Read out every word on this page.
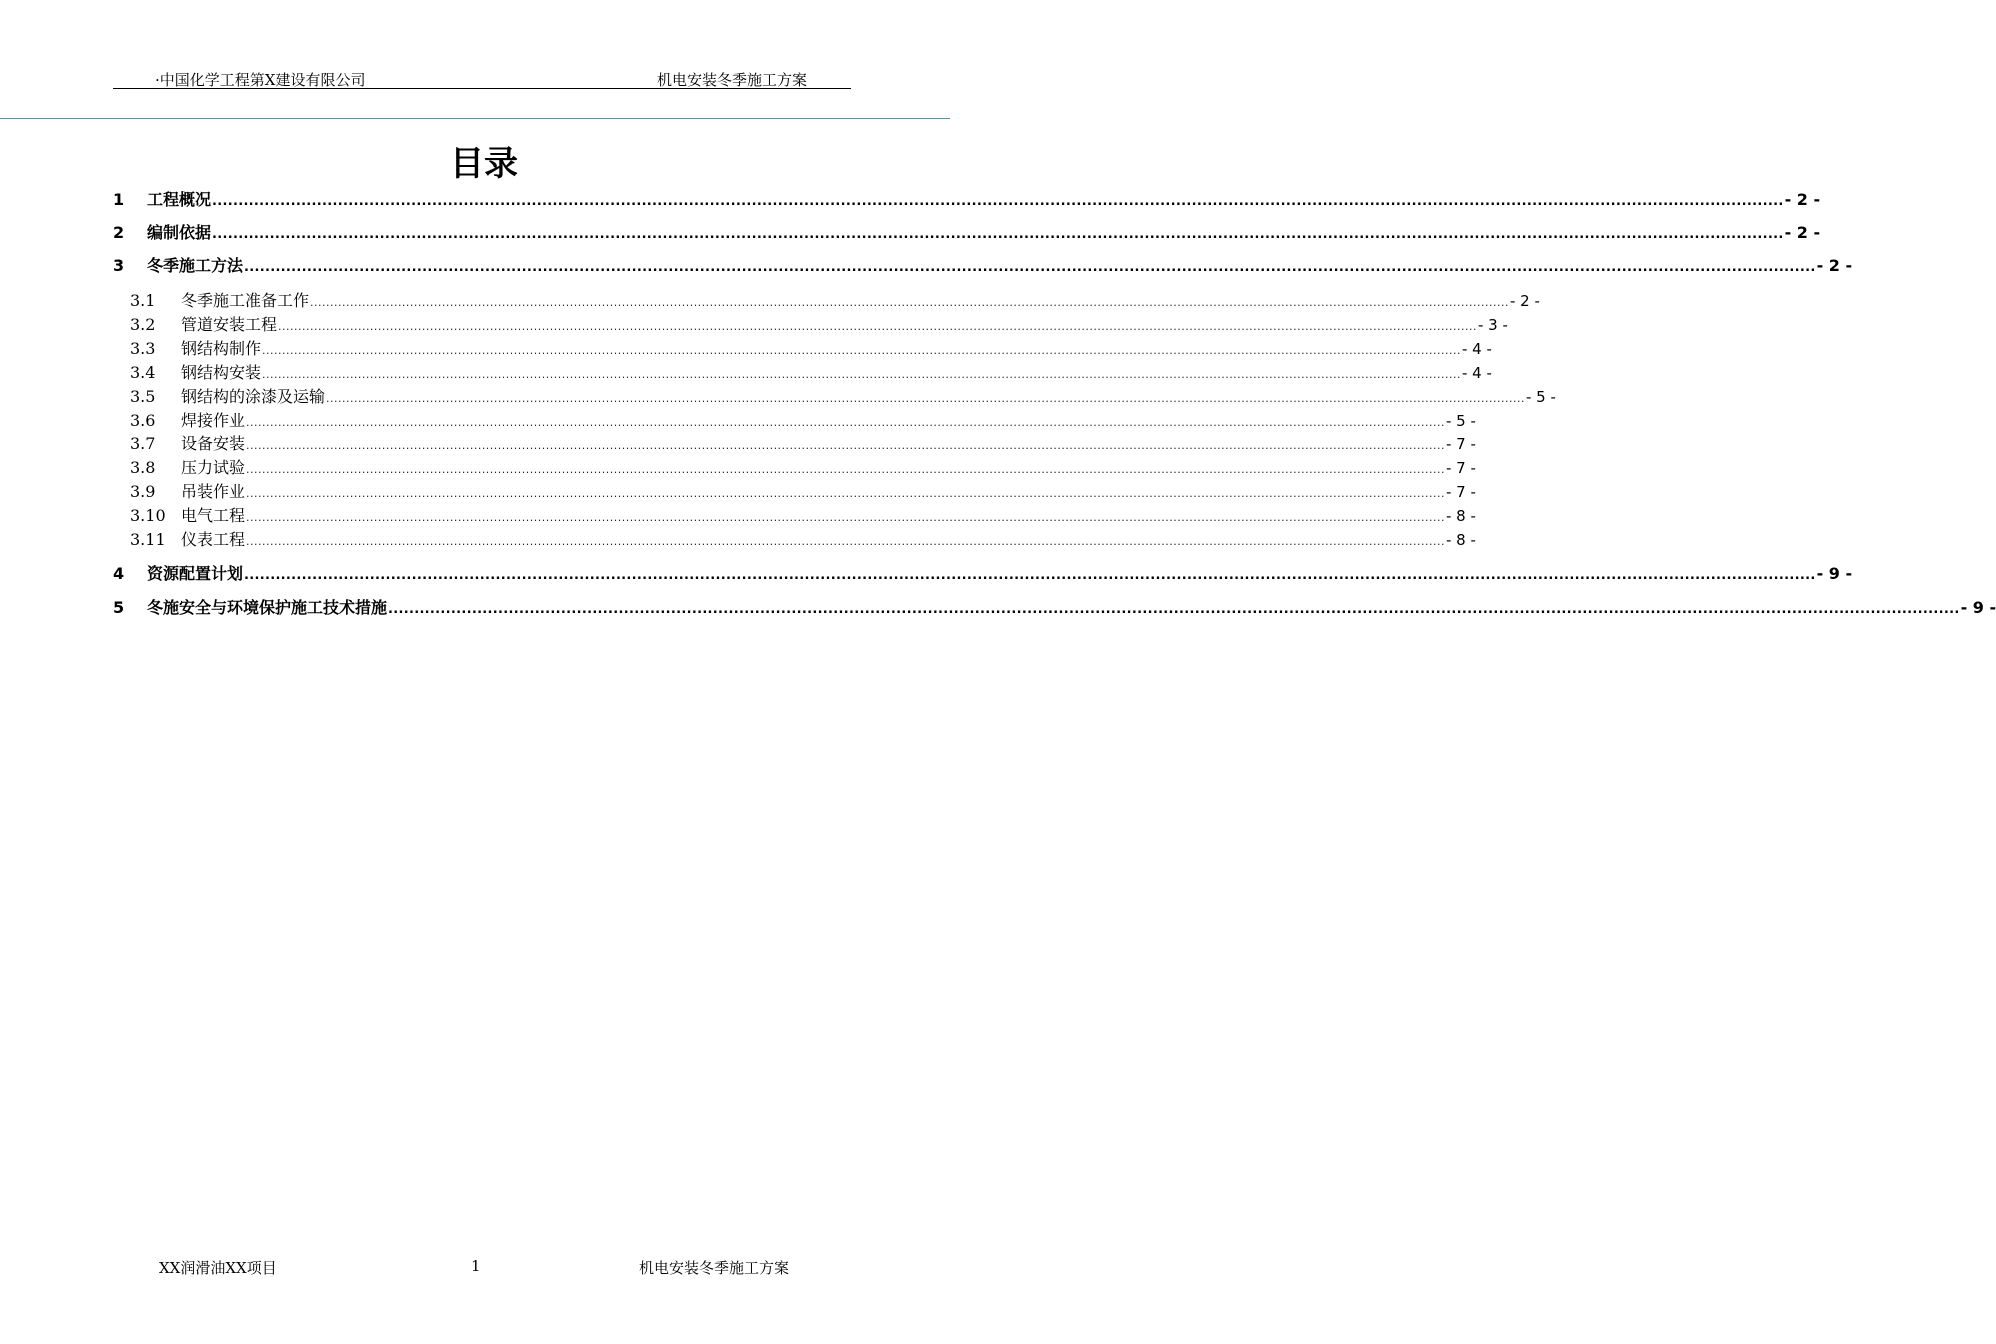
·中国化学工程第X建设有限公司	机电安装冬季施工方案
目录
1	工程概况 ............................................................................................................................................................................................................................................................................................................ - 2 -
2	编制依据 ............................................................................................................................................................................................................................................................................................................ - 2 -
3	冬季施工方法 ............................................................................................................................................................................................................................................................................................................ - 2 -
3.1	冬季施工准备工作 ............................................................................................................................................................................................................................................................................................................ - 2 -
3.2	管道安装工程 ............................................................................................................................................................................................................................................................................................................ - 3 -
3.3	钢结构制作 ............................................................................................................................................................................................................................................................................................................ - 4 -
3.4	钢结构安装 ............................................................................................................................................................................................................................................................................................................ - 4 -
3.5	钢结构的涂漆及运输 ............................................................................................................................................................................................................................................................................................................ - 5 -
3.6	焊接作业 ............................................................................................................................................................................................................................................................................................................ - 5 -
3.7	设备安装 ............................................................................................................................................................................................................................................................................................................ - 7 -
3.8	压力试验 ............................................................................................................................................................................................................................................................................................................ - 7 -
3.9	吊装作业 ............................................................................................................................................................................................................................................................................................................ - 7 -
3.10 电气工程 ............................................................................................................................................................................................................................................................................................................ - 8 -
3.11 仪表工程 ............................................................................................................................................................................................................................................................................................................ - 8 -
4	资源配置计划 ............................................................................................................................................................................................................................................................................................................ - 9 -
5	冬施安全与环境保护施工技术措施 ............................................................................................................................................................................................................................................................................................................ - 9 -
XX润滑油XX项目	1	机电安装冬季施工方案
